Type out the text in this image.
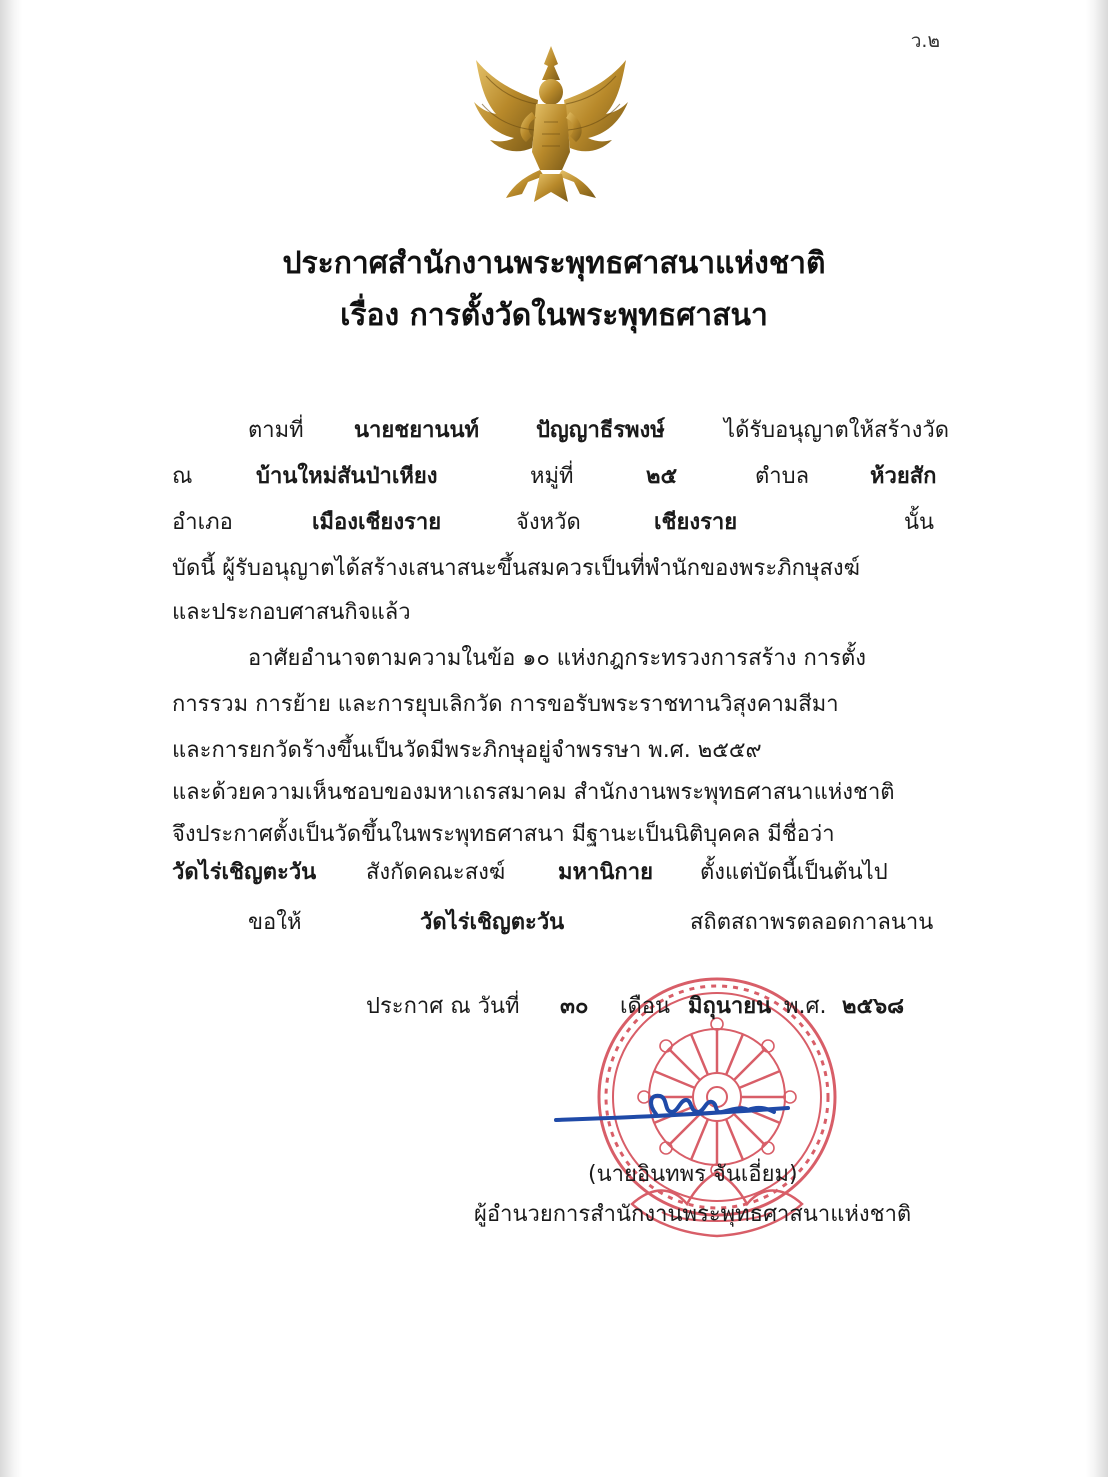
ว.๒
ประกาศสำนักงานพระพุทธศาสนาแห่งชาติ
เรื่อง การตั้งวัดในพระพุทธศาสนา
ตามที่ นายชยานนท์	ปัญญาธีรพงษ์	ได้รับอนุญาตให้สร้างวัด
ณ	บ้านใหม่สันป่าเหียง	หมู่ที่	๒๕	ตำบล	ห้วยสัก
อำเภอ	เมืองเชียงราย	จังหวัด	เชียงราย	นั้น
บัดนี้ ผู้รับอนุญาตได้สร้างเสนาสนะขึ้นสมควรเป็นที่พำนักของพระภิกษุสงฆ์
และประกอบศาสนกิจแล้ว
อาศัยอำนาจตามความในข้อ ๑๐ แห่งกฎกระทรวงการสร้าง การตั้ง
การรวม การย้าย และการยุบเลิกวัด การขอรับพระราชทานวิสุงคามสีมา
และการยกวัดร้างขึ้นเป็นวัดมีพระภิกษุอยู่จำพรรษา พ.ศ. ๒๕๕๙
และด้วยความเห็นชอบของมหาเถรสมาคม สำนักงานพระพุทธศาสนาแห่งชาติ
จึงประกาศตั้งเป็นวัดขึ้นในพระพุทธศาสนา มีฐานะเป็นนิติบุคคล มีชื่อว่า
วัดไร่เชิญตะวัน สังกัดคณะสงฆ์ มหานิกาย ตั้งแต่บัดนี้เป็นต้นไป
ขอให้	วัดไร่เชิญตะวัน	สถิตสถาพรตลอดกาลนาน
ประกาศ ณ วันที่ ๓๐ เดือน มิถุนายน พ.ศ. ๒๕๖๘
(นายอินทพร จันเอี่ยม)
ผู้อำนวยการสำนักงานพระพุทธศาสนาแห่งชาติ
